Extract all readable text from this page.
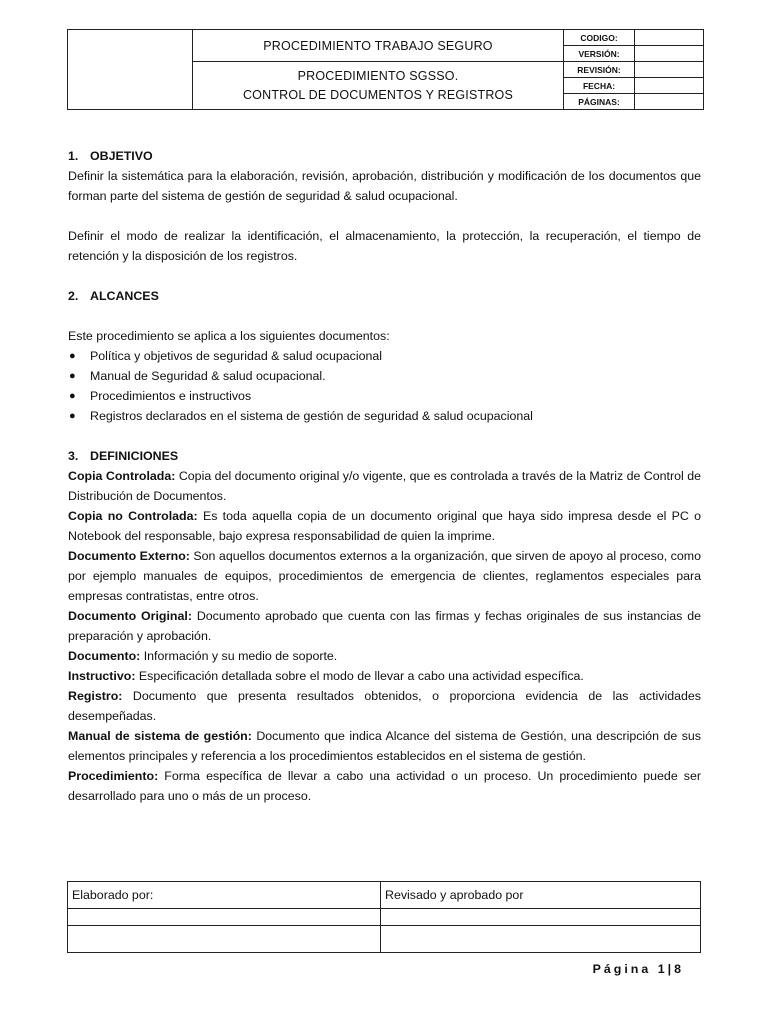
	PROCEDIMIENTO TRABAJO SEGURO	CODIGO:	
		VERSIÓN:	

	PROCEDIMIENTO SGSSO.
CONTROL DE DOCUMENTOS Y REGISTROS	REVISIÓN:	
		FECHA:	
		PÁGINAS:	
1. OBJETIVO

Definir la sistemática para la elaboración, revisión, aprobación, distribución y modificación de los documentos que forman parte del sistema de gestión de seguridad & salud ocupacional.

Definir el modo de realizar la identificación, el almacenamiento, la protección, la recuperación, el tiempo de retención y la disposición de los registros.

2. ALCANCES

Este procedimiento se aplica a los siguientes documentos:

●	Política y objetivos de seguridad & salud ocupacional
●	Manual de Seguridad & salud ocupacional.
●	Procedimientos e instructivos
●	Registros declarados en el sistema de gestión de seguridad & salud ocupacional
3. DEFINICIONES

Copia Controlada: Copia del documento original y/o vigente, que es controlada a través de la Matriz de Control de Distribución de Documentos.

Copia no Controlada: Es toda aquella copia de un documento original que haya sido impresa desde el PC o Notebook del responsable, bajo expresa responsabilidad de quien la imprime.

Documento Externo: Son aquellos documentos externos a la organización, que sirven de apoyo al proceso, como por ejemplo manuales de equipos, procedimientos de emergencia de clientes, reglamentos especiales para empresas contratistas, entre otros.

Documento Original: Documento aprobado que cuenta con las firmas y fechas originales de sus instancias de preparación y aprobación.

Documento: Información y su medio de soporte.

Instructivo: Especificación detallada sobre el modo de llevar a cabo una actividad específica.

Registro: Documento que presenta resultados obtenidos, o proporciona evidencia de las actividades desempeñadas.

Manual de sistema de gestión: Documento que indica Alcance del sistema de Gestión, una descripción de sus elementos principales y referencia a los procedimientos establecidos en el sistema de gestión.

Procedimiento: Forma específica de llevar a cabo una actividad o un proceso. Un procedimiento puede ser desarrollado para uno o más de un proceso.

Elaborado por:	Revisado y aprobado por

Página 1|8
